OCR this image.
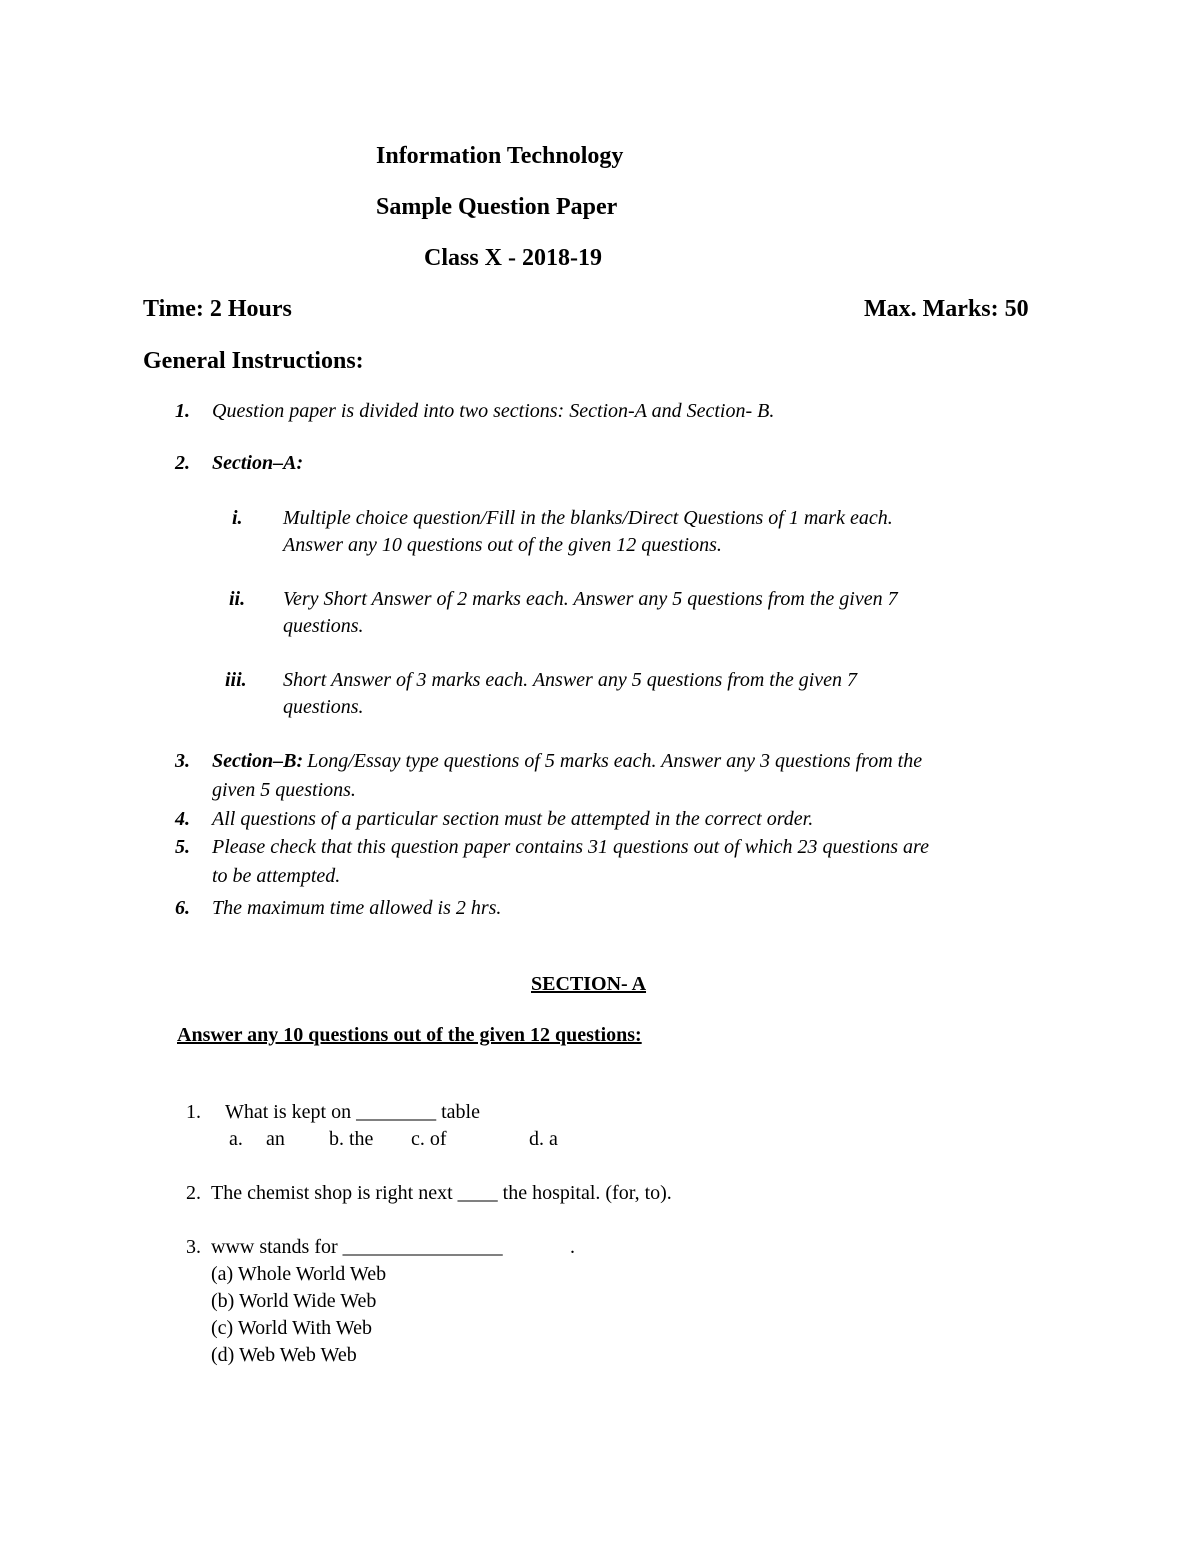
Information Technology
Sample Question Paper
Class X - 2018-19
Time: 2 Hours	Max. Marks: 50
General Instructions:
1. Question paper is divided into two sections: Section-A and Section- B.
2. Section–A:
i. Multiple choice question/Fill in the blanks/Direct Questions of 1 mark each.
Answer any 10 questions out of the given 12 questions.
ii. Very Short Answer of 2 marks each. Answer any 5 questions from the given 7
questions.
iii. Short Answer of 3 marks each. Answer any 5 questions from the given 7
questions.
3. Section–B: Long/Essay type questions of 5 marks each. Answer any 3 questions from the
given 5 questions.
4. All questions of a particular section must be attempted in the correct order.
5. Please check that this question paper contains 31 questions out of which 23 questions are
to be attempted.
6. The maximum time allowed is 2 hrs.
SECTION- A
Answer any 10 questions out of the given 12 questions:
1. What is kept on ________ table
a. an b. the c. of	d. a
2. The chemist shop is right next ____ the hospital. (for, to).
3. www stands for ________________	.
(a) Whole World Web
(b) World Wide Web
(c) World With Web
(d) Web Web Web
